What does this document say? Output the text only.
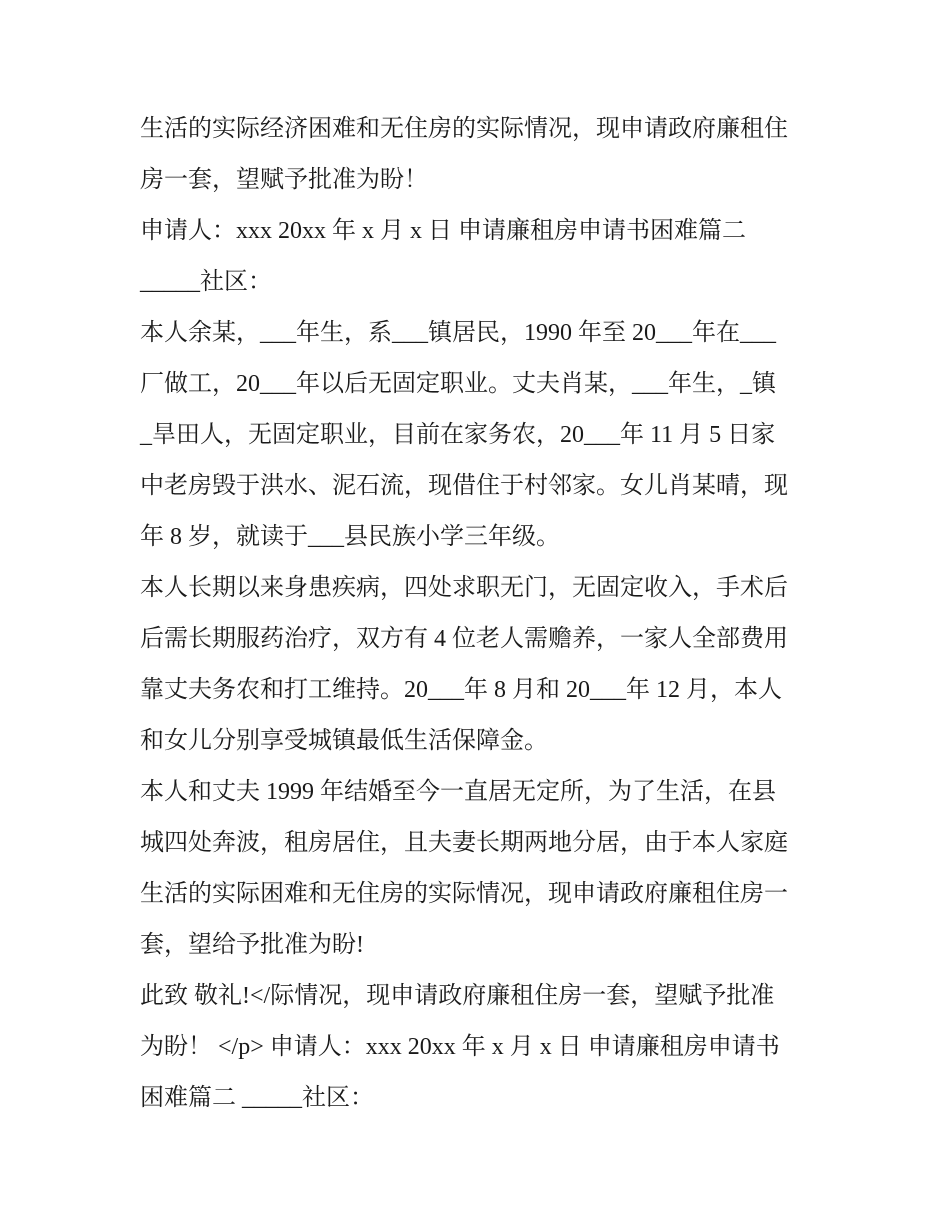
生活的实际经济困难和无住房的实际情况，现申请政府廉租住
房一套，望赋予批准为盼！
申请人：xxx 20xx 年 x 月 x 日 申请廉租房申请书困难篇二
_____社区：
本人余某，___年生，系___镇居民，1990 年至 20___年在___
厂做工，20___年以后无固定职业。丈夫肖某，___年生，_镇
_旱田人，无固定职业，目前在家务农，20___年 11 月 5 日家
中老房毁于洪水、泥石流，现借住于村邻家。女儿肖某晴，现
年 8 岁，就读于___县民族小学三年级。
本人长期以来身患疾病，四处求职无门，无固定收入，手术后
后需长期服药治疗，双方有 4 位老人需赡养，一家人全部费用
靠丈夫务农和打工维持。20___年 8 月和 20___年 12 月，本人
和女儿分别享受城镇最低生活保障金。
本人和丈夫 1999 年结婚至今一直居无定所，为了生活，在县
城四处奔波，租房居住，且夫妻长期两地分居，由于本人家庭
生活的实际困难和无住房的实际情况，现申请政府廉租住房一
套，望给予批准为盼!
此致 敬礼!</际情况，现申请政府廉租住房一套，望赋予批准
为盼！ </p> 申请人：xxx 20xx 年 x 月 x 日 申请廉租房申请书
困难篇二 _____社区：
